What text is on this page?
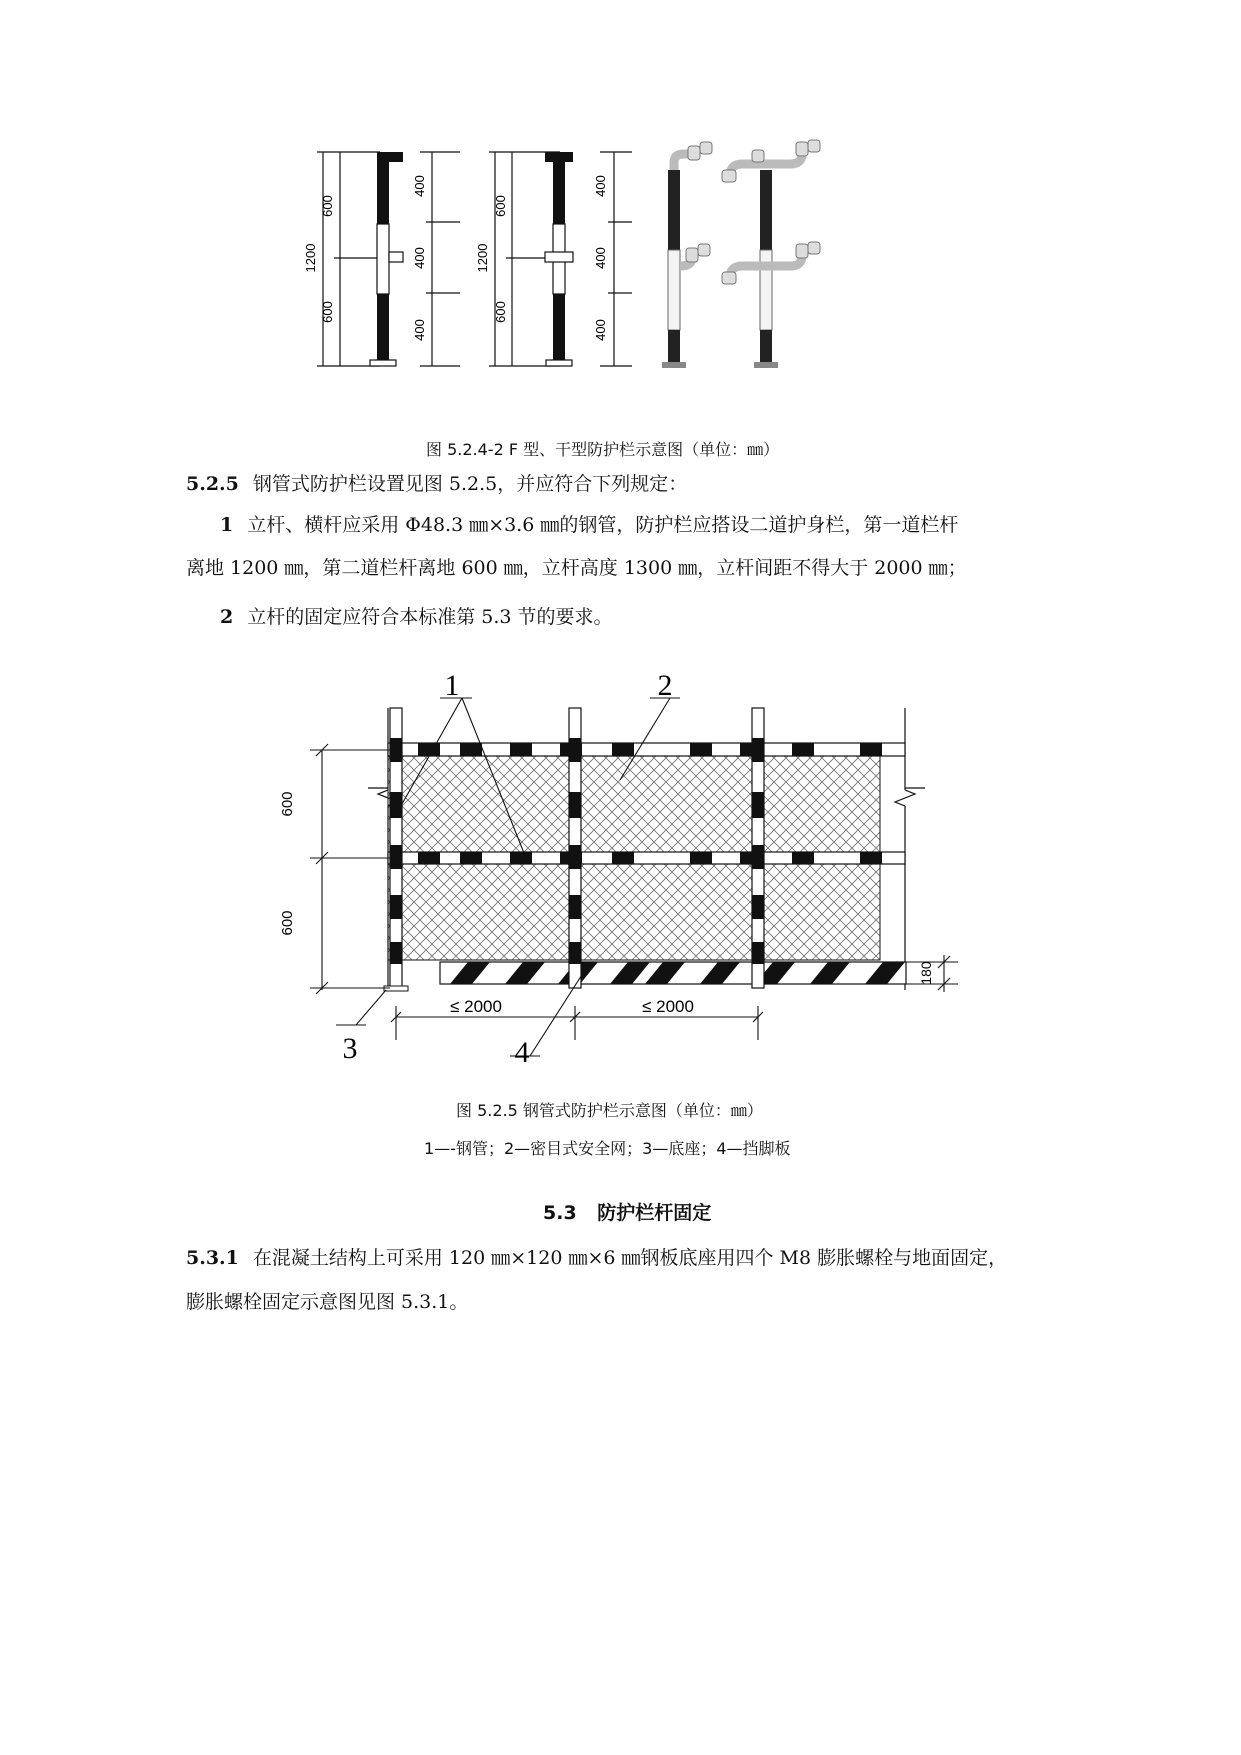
1200
600
600
400
400
400
1200
600
600
400
400
400
图 5.2.4-2 F 型、干型防护栏示意图（单位：㎜）
5.2.5 钢管式防护栏设置见图 5.2.5，并应符合下列规定：
1 立杆、横杆应采用 Φ48.3 ㎜×3.6 ㎜的钢管，防护栏应搭设二道护身栏，第一道栏杆
离地 1200 ㎜，第二道栏杆离地 600 ㎜，立杆高度 1300 ㎜，立杆间距不得大于 2000 ㎜；
2 立杆的固定应符合本标准第 5.3 节的要求。
600
600
180
≤ 2000	≤ 2000
1	2
3	4
图 5.2.5 钢管式防护栏示意图（单位：㎜）
1—-钢管；2—密目式安全网；3—底座；4—挡脚板
5.3 防护栏杆固定
5.3.1 在混凝土结构上可采用 120 ㎜×120 ㎜×6 ㎜钢板底座用四个 M8 膨胀螺栓与地面固定，
膨胀螺栓固定示意图见图 5.3.1。
